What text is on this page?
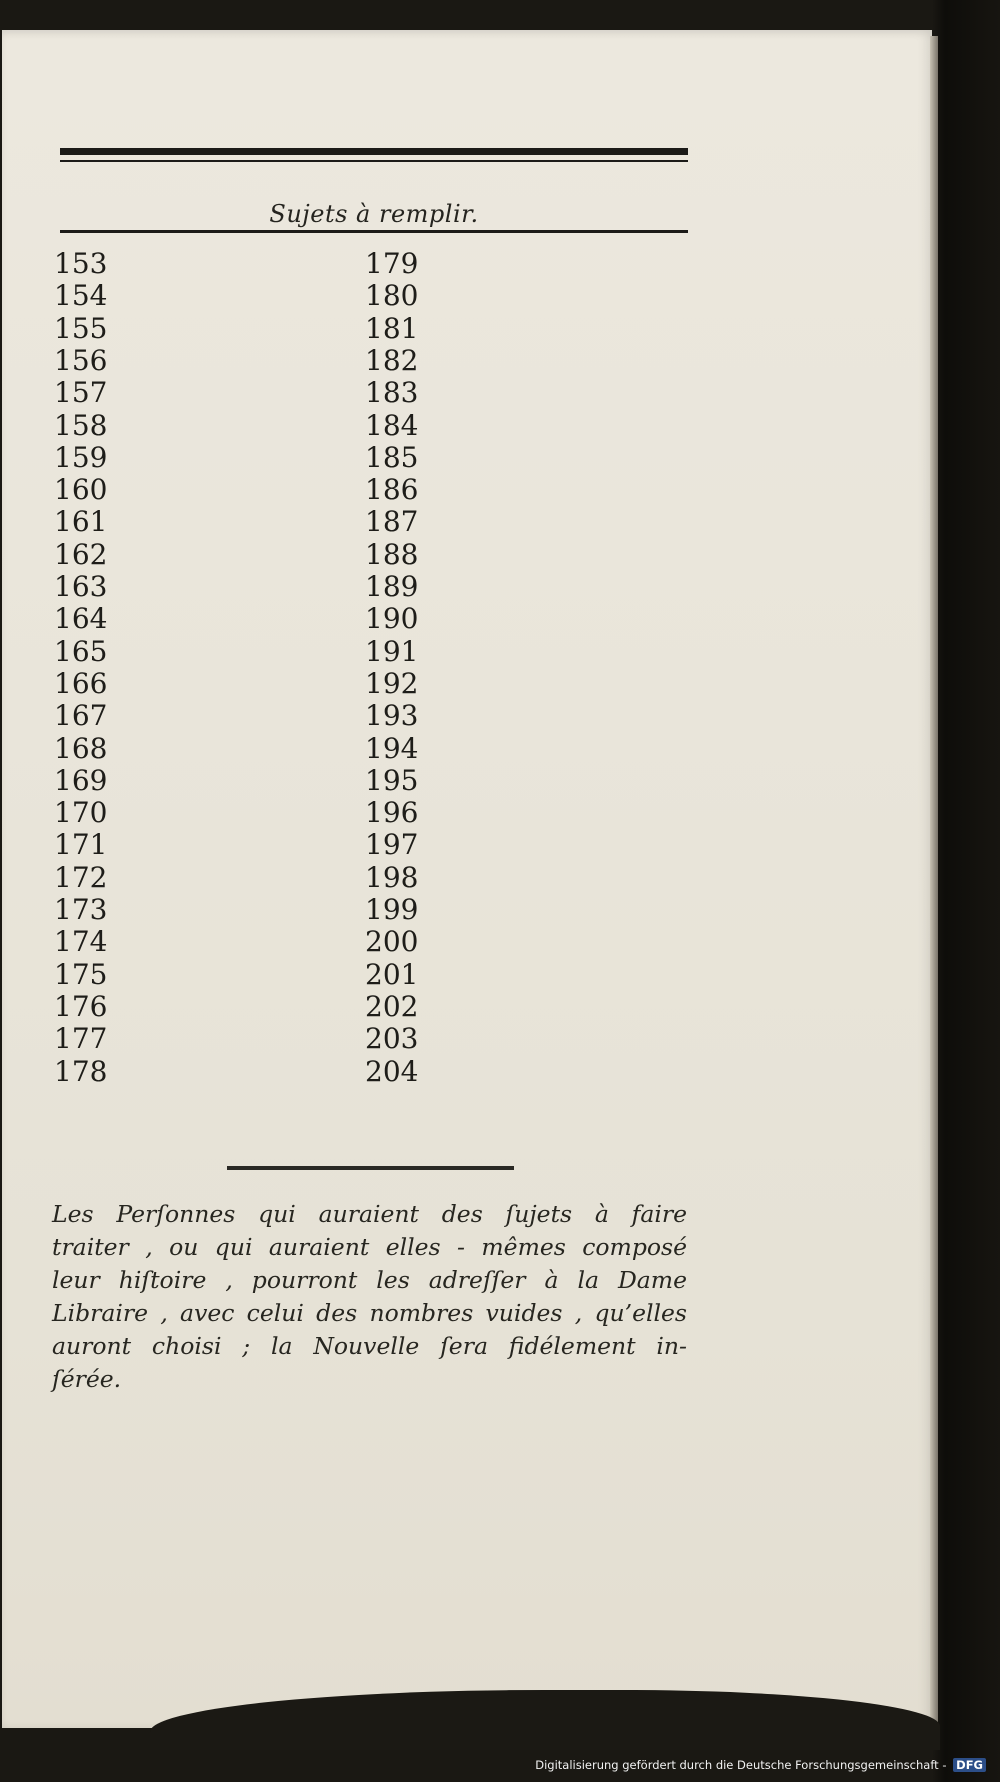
Sujets à remplir.
153
154
155
156
157
158
159
160
161
162
163
164
165
166
167
168
169
170
171
172
173
174
175
176
177
178
179
180
181
182
183
184
185
186
187
188
189
190
191
192
193
194
195
196
197
198
199
200
201
202
203
204
Les Perſonnes qui auraient des ſujets à faire
traiter , ou qui auraient elles - mêmes composé
leur hiſtoire , pourront les adreſſer à la Dame
Libraire , avec celui des nombres vuides , qu’elles
auront choisi ; la Nouvelle ſera fidélement in-
ſérée.
Digitalisierung gefördert durch die Deutsche Forschungsgemeinschaft - DFG
